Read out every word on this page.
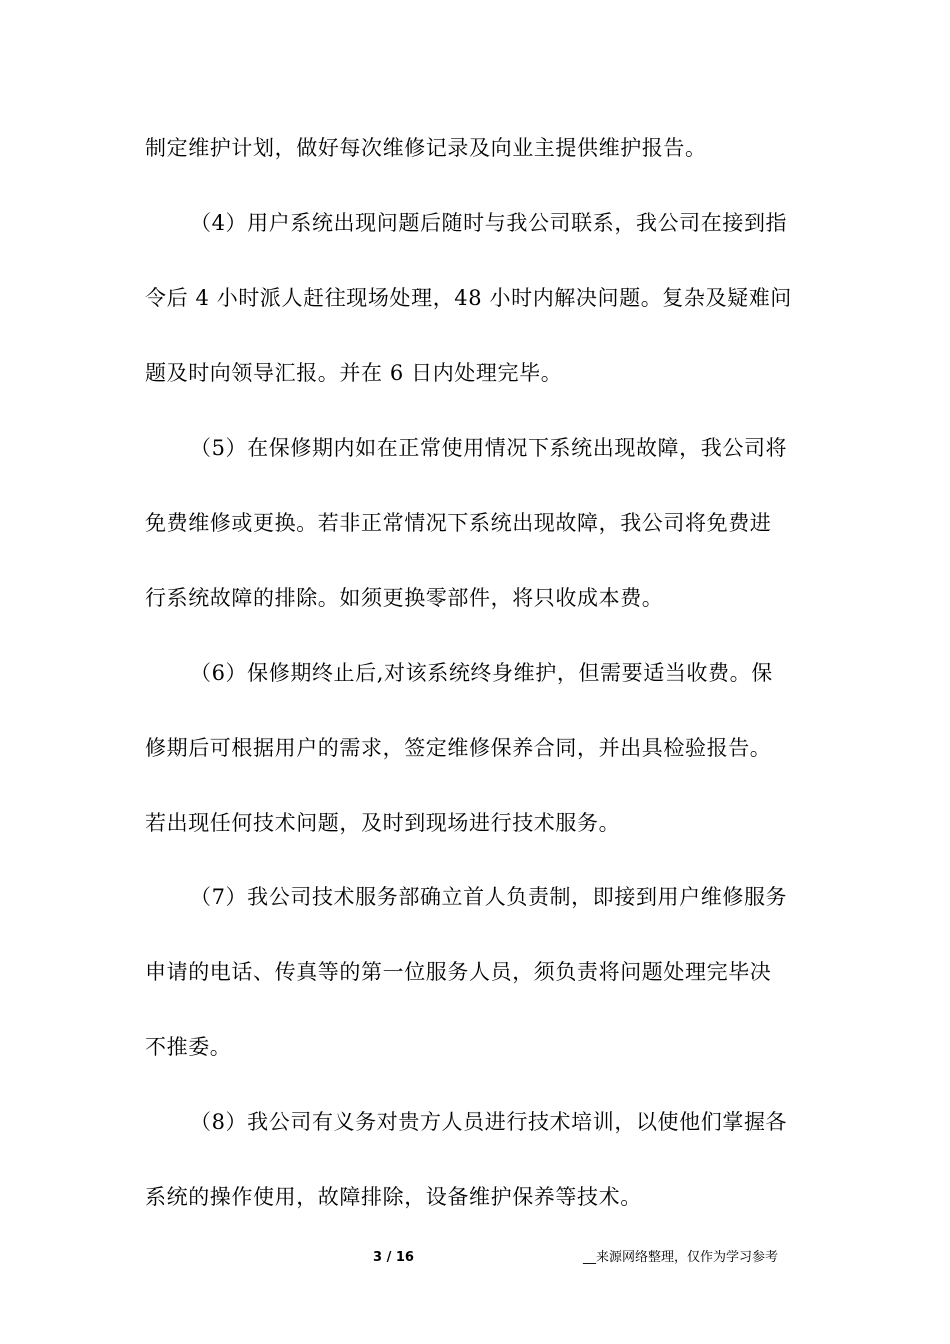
制定维护计划，做好每次维修记录及向业主提供维护报告。
（4）用户系统出现问题后随时与我公司联系，我公司在接到指
令后 4 小时派人赶往现场处理，48 小时内解决问题。复杂及疑难问
题及时向领导汇报。并在 6 日内处理完毕。
（5）在保修期内如在正常使用情况下系统出现故障，我公司将
免费维修或更换。若非正常情况下系统出现故障，我公司将免费进
行系统故障的排除。如须更换零部件，将只收成本费。
（6）保修期终止后,对该系统终身维护，但需要适当收费。保
修期后可根据用户的需求，签定维修保养合同，并出具检验报告。
若出现任何技术问题，及时到现场进行技术服务。
（7）我公司技术服务部确立首人负责制，即接到用户维修服务
申请的电话、传真等的第一位服务人员，须负责将问题处理完毕决
不推委。
（8）我公司有义务对贵方人员进行技术培训，以使他们掌握各
系统的操作使用，故障排除，设备维护保养等技术。
3 / 16	__来源网络整理，仅作为学习参考
